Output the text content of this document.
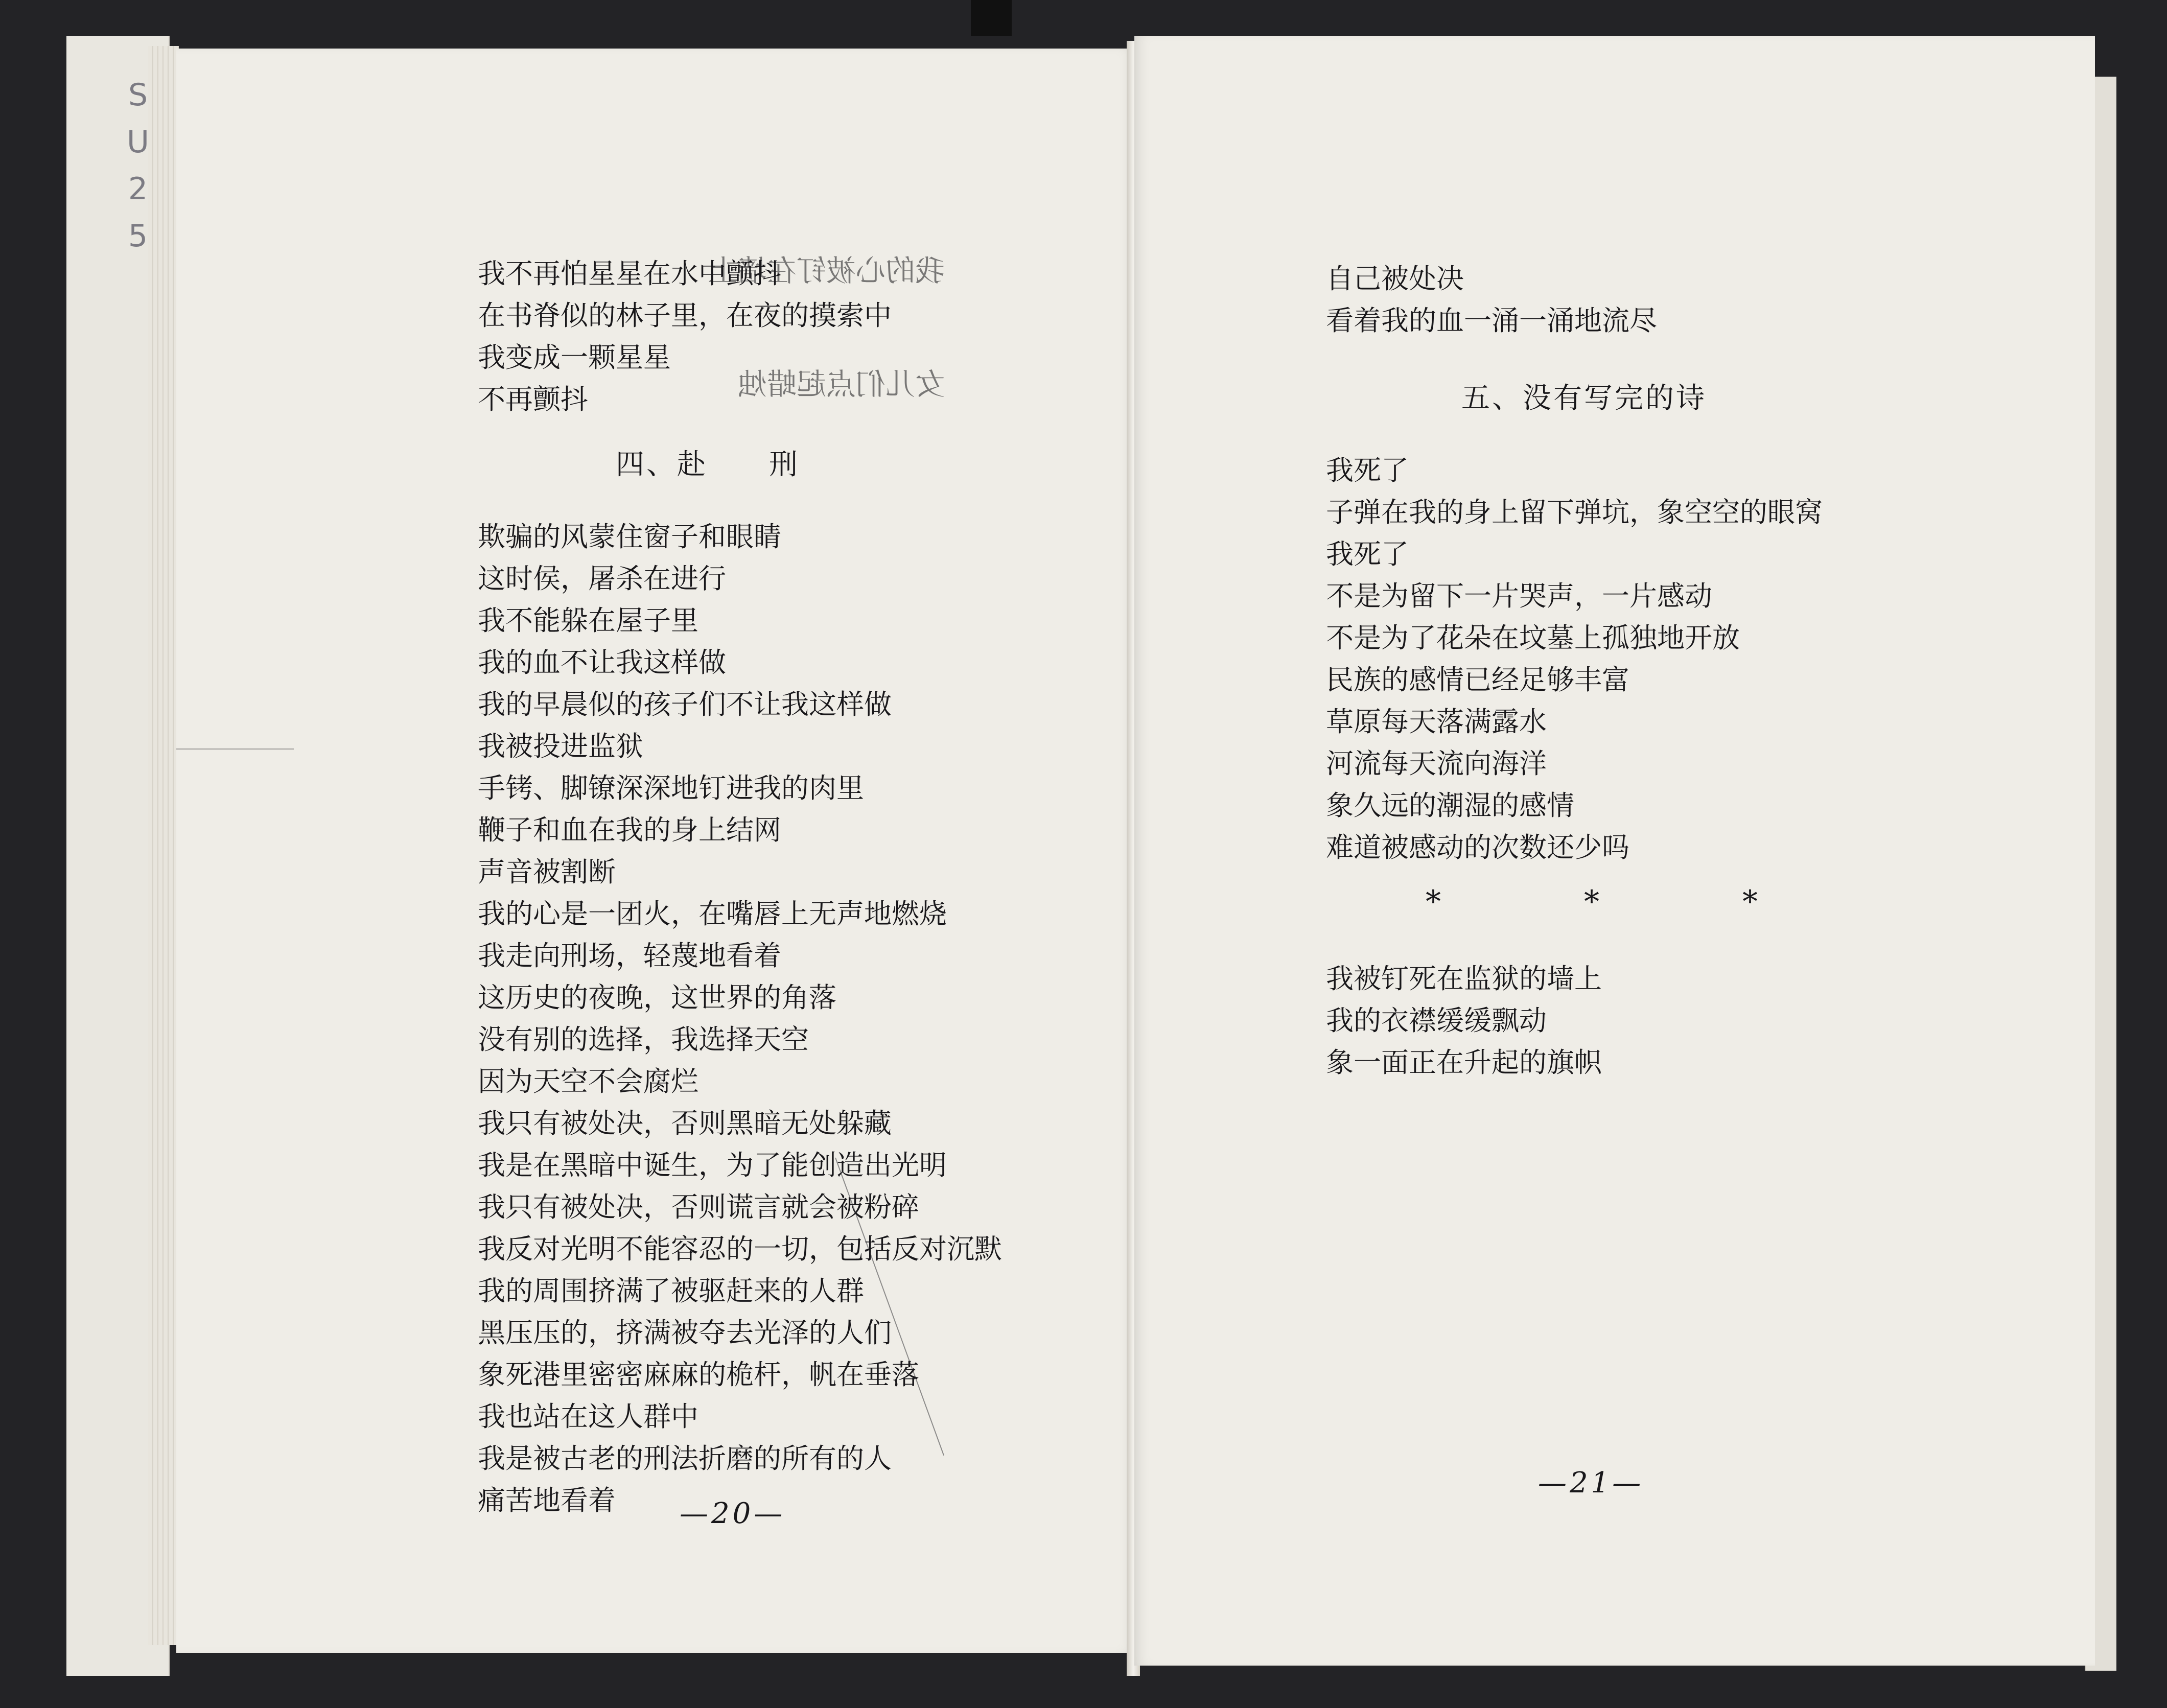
S
U
2
5

我的心被钉在墙上

女儿们点起蜡烛

我不再怕星星在水中颤抖
在书脊似的林子里，在夜的摸索中
我变成一颗星星
不再颤抖
四、赴　　刑
欺骗的风蒙住窗子和眼睛
这时侯，屠杀在进行
我不能躲在屋子里
我的血不让我这样做
我的早晨似的孩子们不让我这样做
我被投进监狱
手铐、脚镣深深地钉进我的肉里
鞭子和血在我的身上结网
声音被割断
我的心是一团火，在嘴唇上无声地燃烧
我走向刑场，轻蔑地看着
这历史的夜晚，这世界的角落
没有别的选择，我选择天空
因为天空不会腐烂
我只有被处决，否则黑暗无处躲藏
我是在黑暗中诞生，为了能创造出光明
我只有被处决，否则谎言就会被粉碎
我反对光明不能容忍的一切，包括反对沉默
我的周围挤满了被驱赶来的人群
黑压压的，挤满被夺去光泽的人们
象死港里密密麻麻的桅杆，帆在垂落
我也站在这人群中
我是被古老的刑法折磨的所有的人
痛苦地看着	—20—
自己被处决
看着我的血一涌一涌地流尽
五、没有写完的诗
我死了
子弹在我的身上留下弹坑，象空空的眼窝
我死了
不是为留下一片哭声，一片感动
不是为了花朵在坟墓上孤独地开放
民族的感情已经足够丰富
草原每天落满露水
河流每天流向海洋
象久远的潮湿的感情
难道被感动的次数还少吗
*	*	*
我被钉死在监狱的墙上
我的衣襟缓缓飘动
象一面正在升起的旗帜
—21—
